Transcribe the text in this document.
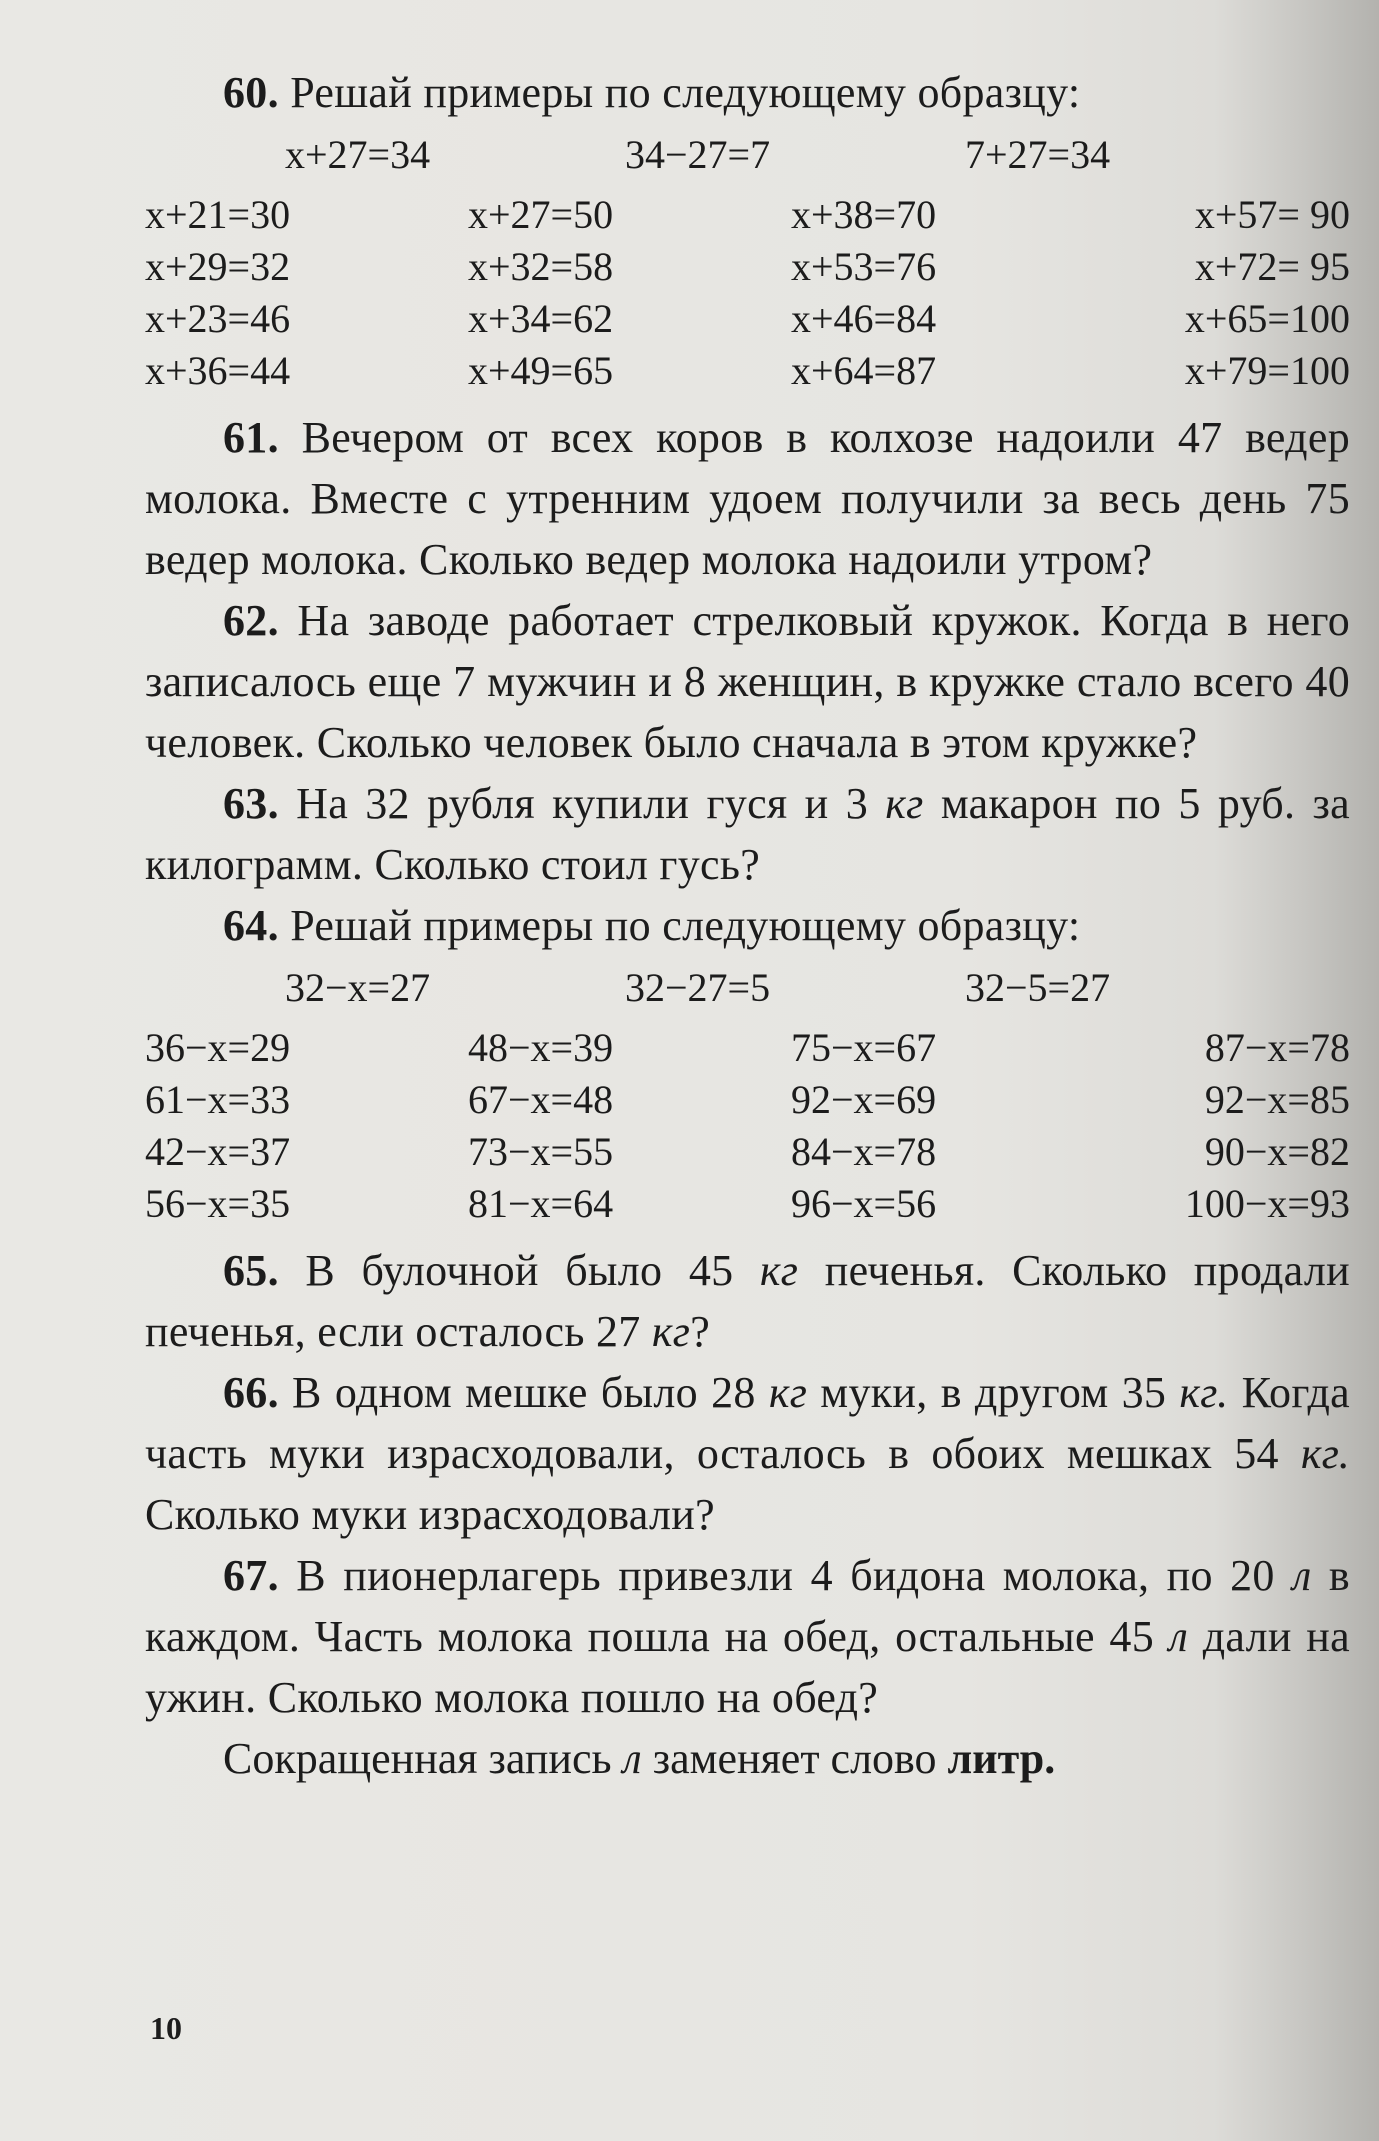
60. Решай примеры по следующему образцу:

x+27=34	34−27=7	7+27=34
x+21=30	x+27=50	x+38=70	x+57= 90
x+29=32	x+32=58	x+53=76	x+72= 95
x+23=46	x+34=62	x+46=84	x+65=100
x+36=44	x+49=65	x+64=87	x+79=100

61. Вечером от всех коров в колхозе надоили 47 ведер молока. Вместе с утренним удоем получили за весь день 75 ведер молока. Сколько ведер молока надоили утром?

62. На заводе работает стрелковый кружок. Когда в него записалось еще 7 мужчин и 8 женщин, в кружке стало всего 40 человек. Сколько человек было сначала в этом кружке?

63. На 32 рубля купили гуся и 3 кг макарон по 5 руб. за килограмм. Сколько стоил гусь?

64. Решай примеры по следующему образцу:

32−x=27	32−27=5	32−5=27
36−x=29	48−x=39	75−x=67	87−x=78
61−x=33	67−x=48	92−x=69	92−x=85
42−x=37	73−x=55	84−x=78	90−x=82
56−x=35	81−x=64	96−x=56	100−x=93

65. В булочной было 45 кг печенья. Сколько продали печенья, если осталось 27 кг?

66. В одном мешке было 28 кг муки, в другом 35 кг. Когда часть муки израсходовали, осталось в обоих мешках 54 кг. Сколько муки израсходовали?

67. В пионерлагерь привезли 4 бидона молока, по 20 л в каждом. Часть молока пошла на обед, остальные 45 л дали на ужин. Сколько молока пошло на обед?

Сокращенная запись л заменяет слово литр.

10
